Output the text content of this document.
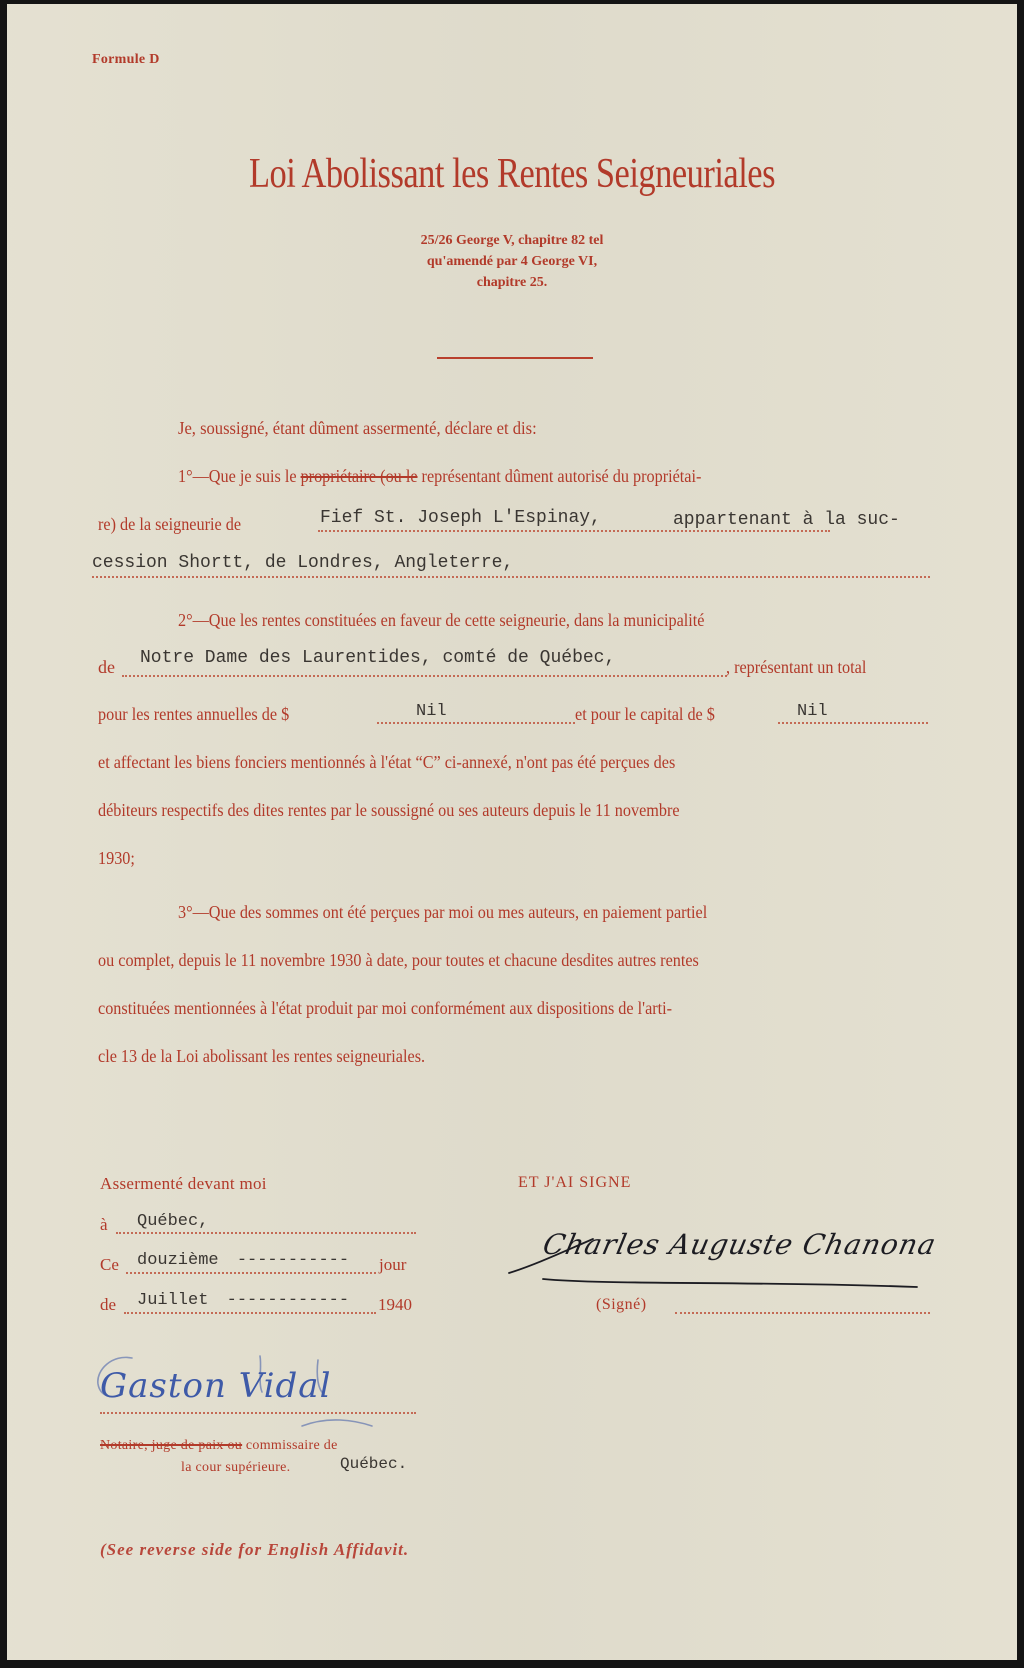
Formule D
Loi Abolissant les Rentes Seigneuriales
25/26 George V, chapitre 82 tel
qu'amendé par 4 George VI,
chapitre 25.
Je, soussigné, étant dûment assermenté, déclare et dis:
1°—Que je suis le propriétaire (ou le représentant dûment autorisé du propriétai-
re) de la seigneurie de	Fief St. Joseph L'Espinay,	appartenant à la suc-
cession Shortt, de Londres, Angleterre,
2°—Que les rentes constituées en faveur de cette seigneurie, dans la municipalité
de Notre Dame des Laurentides, comté de Québec,	, représentant un total
pour les rentes annuelles de $	Nil	et pour le capital de $	Nil
et affectant les biens fonciers mentionnés à l'état “C” ci-annexé, n'ont pas été perçues des
débiteurs respectifs des dites rentes par le soussigné ou ses auteurs depuis le 11 novembre
1930;
3°—Que des sommes ont été perçues par moi ou mes auteurs, en paiement partiel
ou complet, depuis le 11 novembre 1930 à date, pour toutes et chacune desdites autres rentes
constituées mentionnées à l'état produit par moi conformément aux dispositions de l'arti-
cle 13 de la Loi abolissant les rentes seigneuriales.
Assermenté devant moi
à Québec,
Ce douzième ----------- jour
de Juillet ------------ 1940
Gaston Vidal
Notaire, juge de paix ou commissaire de
la cour supérieure.	Québec.
ET J'AI SIGNE
Charles Auguste Chanona
(Signé)
(See reverse side for English Affidavit.
